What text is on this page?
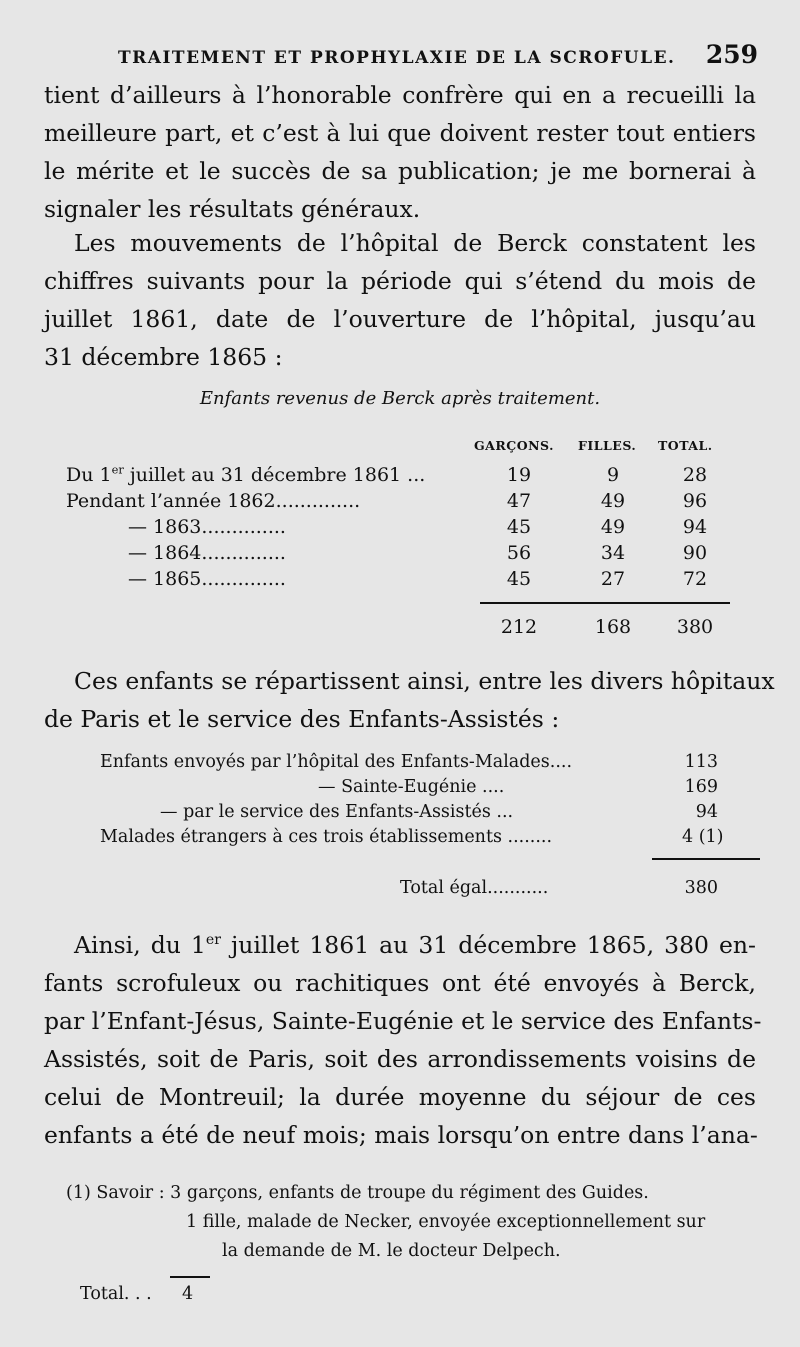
TRAITEMENT ET PROPHYLAXIE DE LA SCROFULE. 259
tient d’ailleurs à l’honorable confrère qui en a recueilli la
meilleure part, et c’est à lui que doivent rester tout entiers
le mérite et le succès de sa publication; je me bornerai à
signaler les résultats généraux.
Les mouvements de l’hôpital de Berck constatent les
chiffres suivants pour la période qui s’étend du mois de
juillet 1861, date de l’ouverture de l’hôpital, jusqu’au
31 décembre 1865 :
Enfants revenus de Berck après traitement.
GARÇONS. FILLES. TOTAL.
Du 1er juillet au 31 décembre 1861 ...	19	9	28
Pendant l’année 1862..............	47	49	96
— 1863..............	45	49	94
— 1864..............	56	34	90
— 1865..............	45	27	72
212	168	380
Ces enfants se répartissent ainsi, entre les divers hôpitaux
de Paris et le service des Enfants-Assistés :
Enfants envoyés par l’hôpital des Enfants-Malades....	113
— Sainte-Eugénie ....	169
— par le service des Enfants-Assistés ...	94
Malades étrangers à ces trois établissements ........	4 (1)
Total égal...........	380
Ainsi, du 1er juillet 1861 au 31 décembre 1865, 380 en-
fants scrofuleux ou rachitiques ont été envoyés à Berck,
par l’Enfant-Jésus, Sainte-Eugénie et le service des Enfants-
Assistés, soit de Paris, soit des arrondissements voisins de
celui de Montreuil; la durée moyenne du séjour de ces
enfants a été de neuf mois; mais lorsqu’on entre dans l’ana-
(1) Savoir : 3 garçons, enfants de troupe du régiment des Guides.
1 fille, malade de Necker, envoyée exceptionnellement sur
la demande de M. le docteur Delpech.
Total. . . 4
